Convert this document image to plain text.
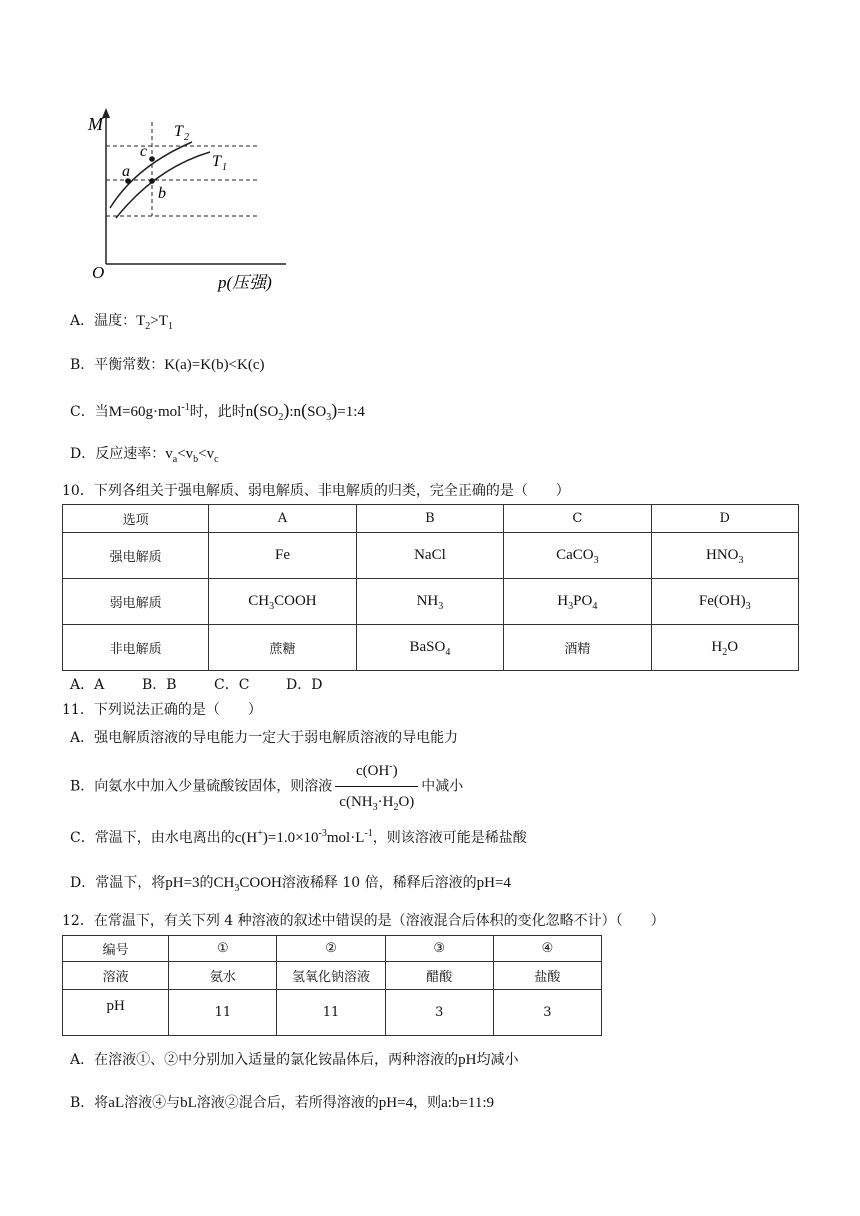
M
O
p(压强)
T 2
T 1
a
b
c
A．温度：$T_2>T_1$
B．平衡常数：K(a)=K(b)<K(c)
C．当M=60g·mol$^{-1}$时，此时$n(SO_2):n(SO_3)=1:4$
D．反应速率：$v_a<v_b<v_c$
10．下列各组关于强电解质、弱电解质、非电解质的归类，完全正确的是（　　）
选项	A	B	C	D
强电解质	Fe	NaCl	CaCO$_3$	$HNO_3$
弱电解质	$CH_3COOH$	$NH_3$	$H_3PO_4$	$Fe(OH)_3$
非电解质	蔗糖	BaSO$_4$	酒精	$H_2O$
A．A	B．B	C．C	D．D
11．下列说法正确的是（　　）
A．强电解质溶液的导电能力一定大于弱电解质溶液的导电能力
B．向氨水中加入少量硫酸铵固体，则溶液 $\frac{c(OH^-)}{c(NH_3\cdot H_2O)}$ 中减小
C．常温下，由水电离出的$c(H^+)=1.0\times 10^{-3}mol\cdot L^{-1}$，则该溶液可能是稀盐酸
D．常温下，将pH=3的$CH_3COOH$溶液稀释 10 倍，稀释后溶液的pH=4
12．在常温下，有关下列 4 种溶液的叙述中错误的是（溶液混合后体积的变化忽略不计）（　　）
编号	①	②	③	④
溶液	氨水	氢氧化钠溶液	醋酸	盐酸
pH	11	11	3	3
A．在溶液①、②中分别加入适量的氯化铵晶体后，两种溶液的pH均减小
B．将aL溶液④与bL溶液②混合后，若所得溶液的pH=4，则a:b=11:9
